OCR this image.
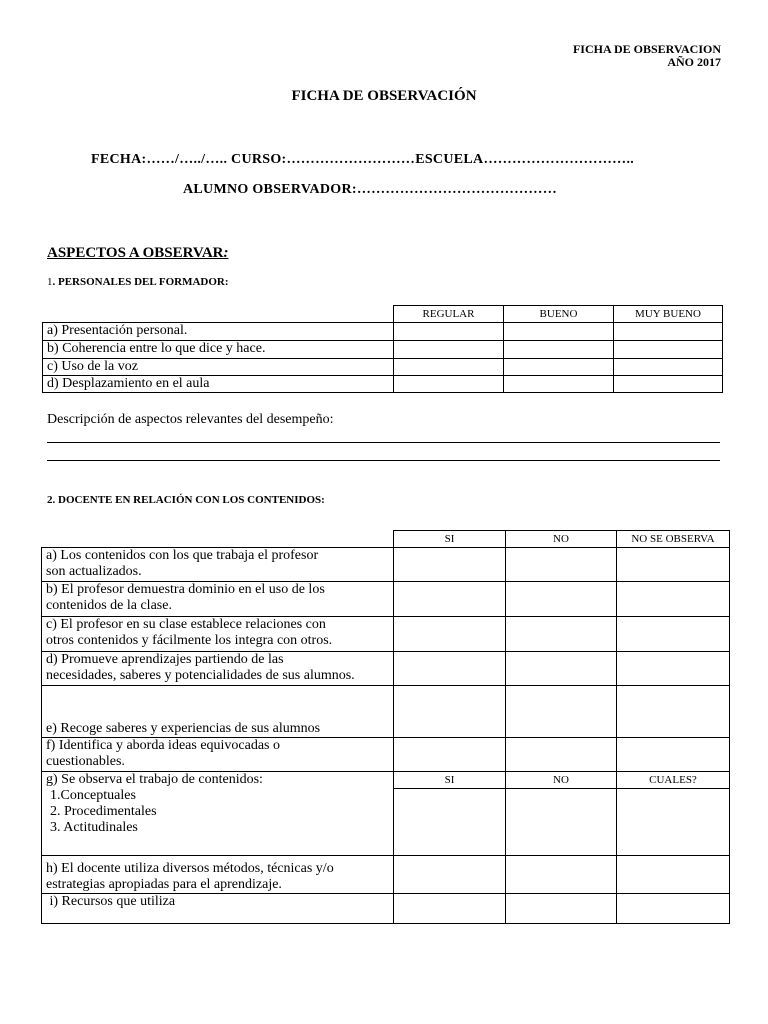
FICHA DE OBSERVACION
AÑO 2017
FICHA DE OBSERVACIÓN
FECHA:……/…../….. CURSO:………………………ESCUELA…………………………..
ALUMNO OBSERVADOR:……………………………………
ASPECTOS A OBSERVAR:
1. PERSONALES DEL FORMADOR:
	REGULAR	BUENO	MUY BUENO
a) Presentación personal.			
b) Coherencia entre lo que dice y hace.			
c) Uso de la voz			
d) Desplazamiento en el aula			
Descripción de aspectos relevantes del desempeño:
2. DOCENTE EN RELACIÓN CON LOS CONTENIDOS:
	SI	NO	NO SE OBSERVA
a) Los contenidos con los que trabaja el profesor
son actualizados.			
b) El profesor demuestra dominio en el uso de los
contenidos de la clase.			
c) El profesor en su clase establece relaciones con
otros contenidos y fácilmente los integra con otros.			
d) Promueve aprendizajes partiendo de las
necesidades, saberes y potencialidades de sus alumnos.			
e) Recoge saberes y experiencias de sus alumnos			
f) Identifica y aborda ideas equivocadas o
cuestionables.			

g) Se observa el trabajo de contenidos:
1.Conceptuales
2. Procedimentales
3. Actitudinales	SI	NO	CUALES?

h) El docente utiliza diversos métodos, técnicas y/o
estrategias apropiadas para el aprendizaje.			
i) Recursos que utiliza			
